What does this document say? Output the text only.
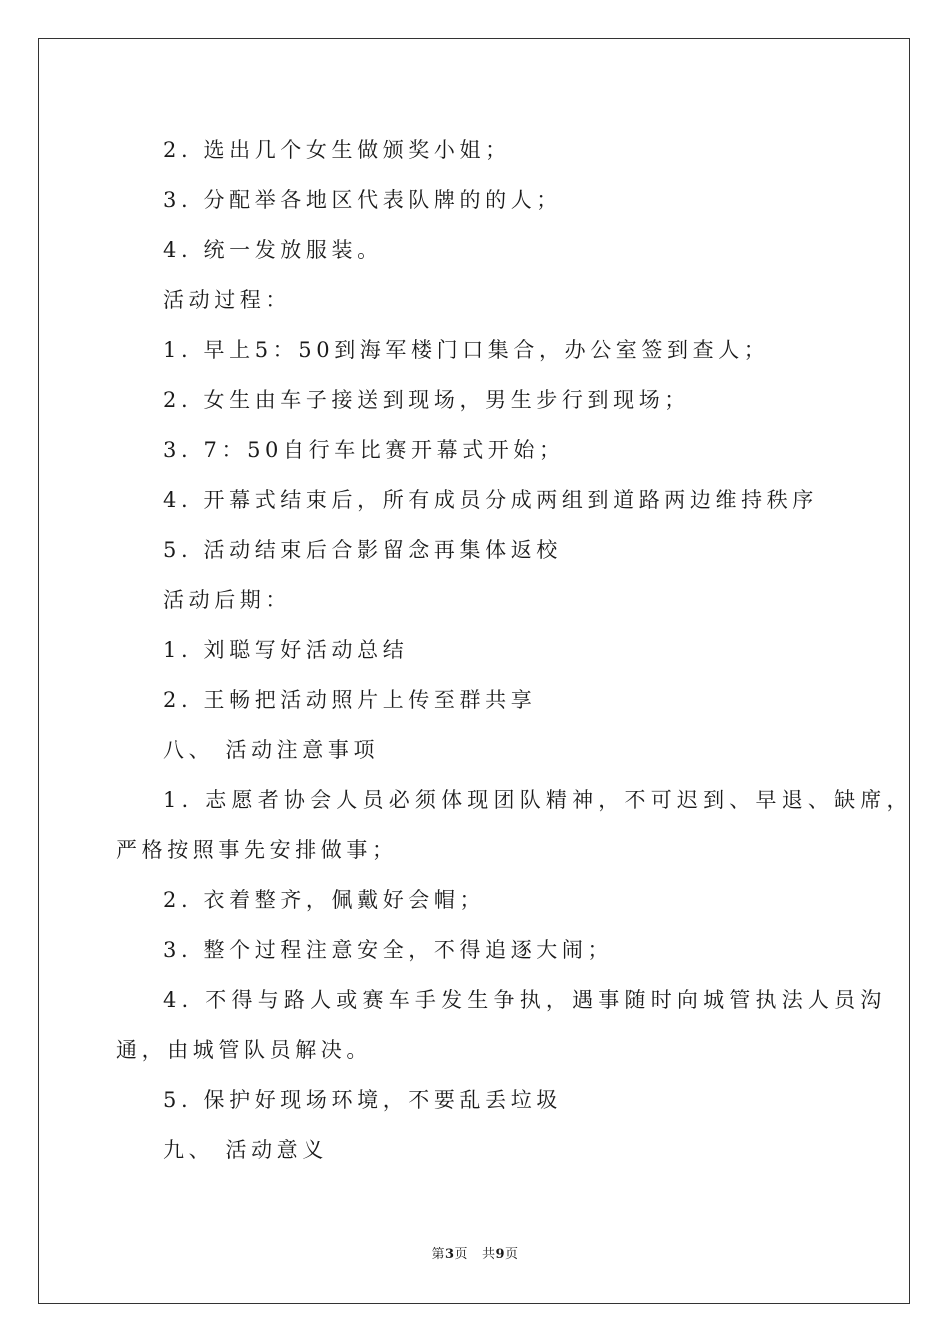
2. 选出几个女生做颁奖小姐；
3. 分配举各地区代表队牌的的人；
4. 统一发放服装。
活动过程：
1. 早上5：50到海军楼门口集合，办公室签到查人；
2. 女生由车子接送到现场，男生步行到现场；
3. 7：50自行车比赛开幕式开始；
4. 开幕式结束后，所有成员分成两组到道路两边维持秩序
5. 活动结束后合影留念再集体返校
活动后期：
1. 刘聪写好活动总结
2. 王畅把活动照片上传至群共享
八、 活动注意事项
1. 志愿者协会人员必须体现团队精神，不可迟到、早退、缺席，
严格按照事先安排做事；
2. 衣着整齐，佩戴好会帽；
3. 整个过程注意安全，不得追逐大闹；
4. 不得与路人或赛车手发生争执，遇事随时向城管执法人员沟
通，由城管队员解决。
5. 保护好现场环境，不要乱丢垃圾
九、 活动意义
第3页 共9页
